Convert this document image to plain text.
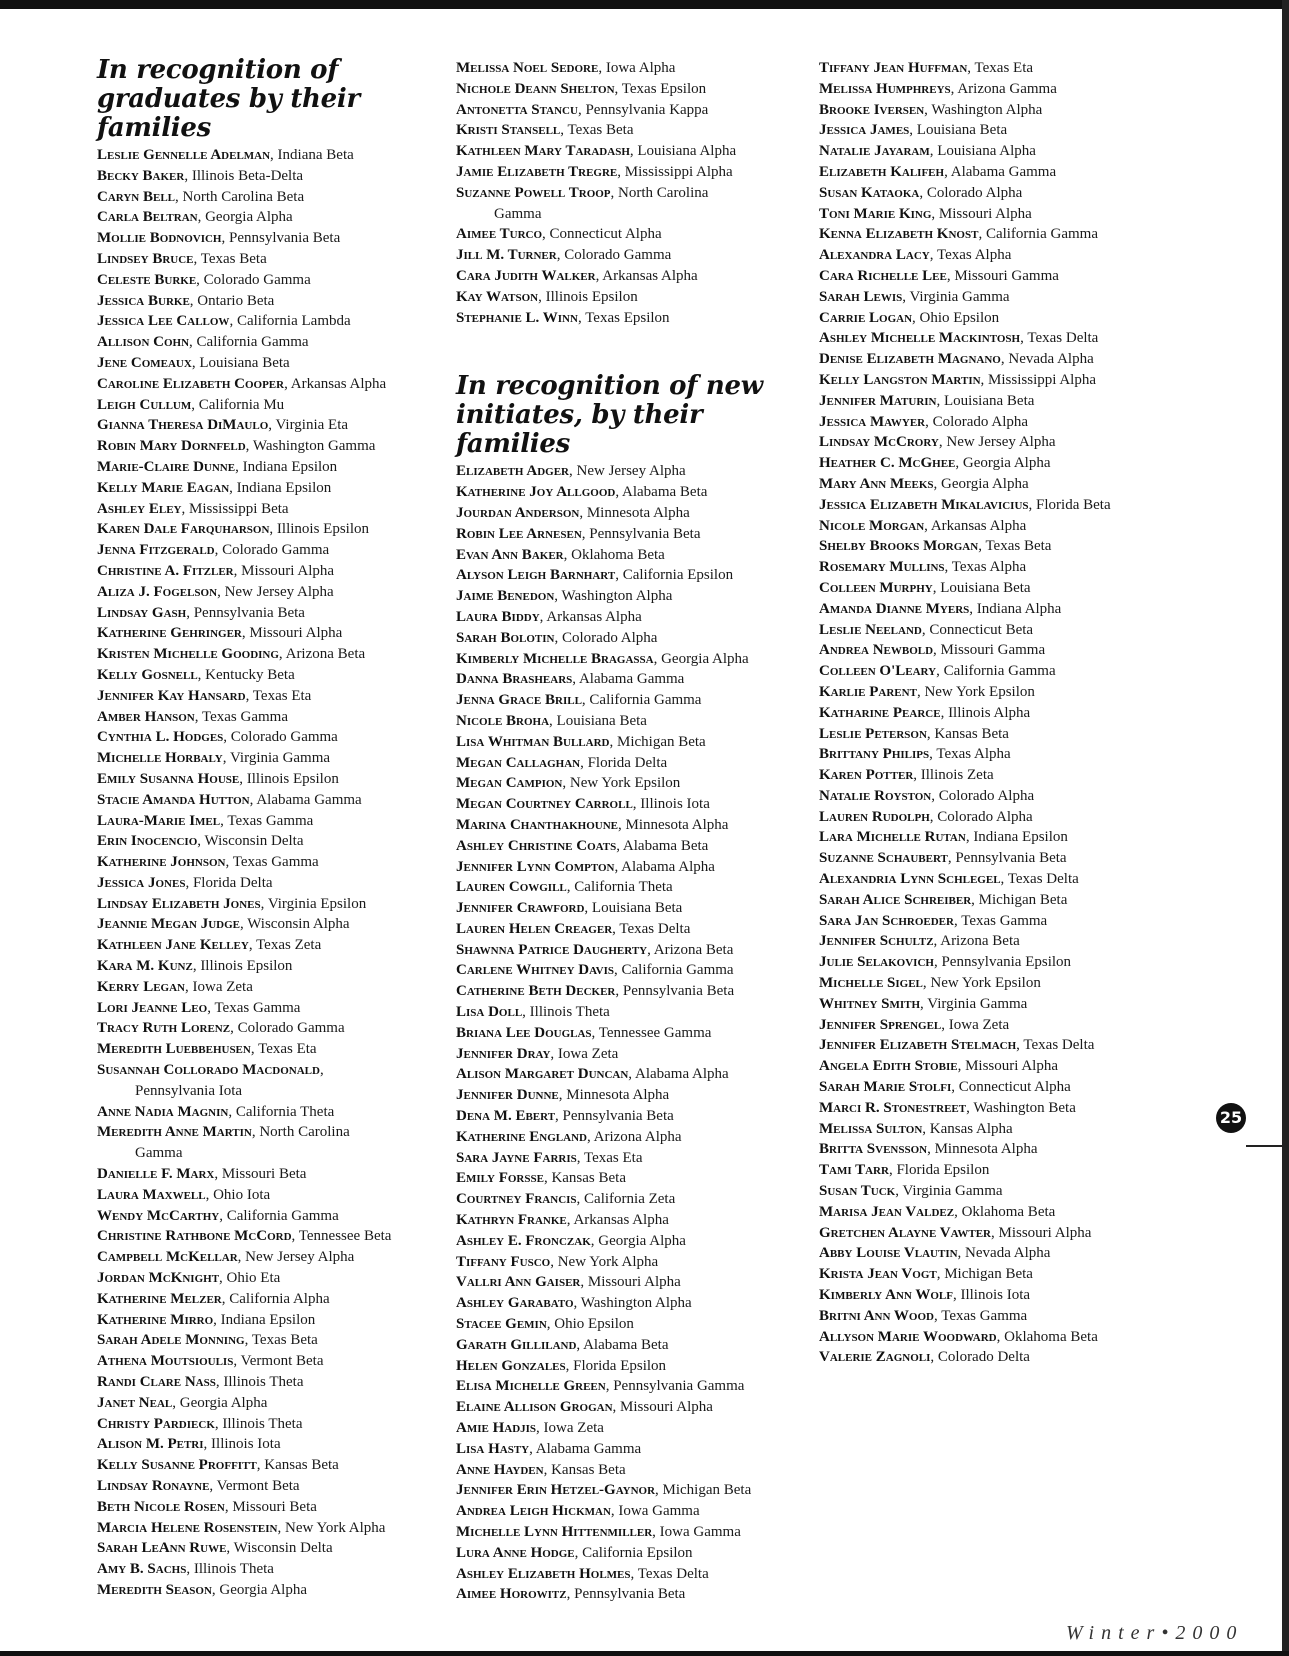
In recognition of
graduates by their families
Leslie Gennelle Adelman, Indiana Beta
Becky Baker, Illinois Beta-Delta
Caryn Bell, North Carolina Beta
Carla Beltran, Georgia Alpha
Mollie Bodnovich, Pennsylvania Beta
Lindsey Bruce, Texas Beta
Celeste Burke, Colorado Gamma
Jessica Burke, Ontario Beta
Jessica Lee Callow, California Lambda
Allison Cohn, California Gamma
Jene Comeaux, Louisiana Beta
Caroline Elizabeth Cooper, Arkansas Alpha
Leigh Cullum, California Mu
Gianna Theresa DiMaulo, Virginia Eta
Robin Mary Dornfeld, Washington Gamma
Marie-Claire Dunne, Indiana Epsilon
Kelly Marie Eagan, Indiana Epsilon
Ashley Eley, Mississippi Beta
Karen Dale Farquharson, Illinois Epsilon
Jenna Fitzgerald, Colorado Gamma
Christine A. Fitzler, Missouri Alpha
Aliza J. Fogelson, New Jersey Alpha
Lindsay Gash, Pennsylvania Beta
Katherine Gehringer, Missouri Alpha
Kristen Michelle Gooding, Arizona Beta
Kelly Gosnell, Kentucky Beta
Jennifer Kay Hansard, Texas Eta
Amber Hanson, Texas Gamma
Cynthia L. Hodges, Colorado Gamma
Michelle Horbaly, Virginia Gamma
Emily Susanna House, Illinois Epsilon
Stacie Amanda Hutton, Alabama Gamma
Laura-Marie Imel, Texas Gamma
Erin Inocencio, Wisconsin Delta
Katherine Johnson, Texas Gamma
Jessica Jones, Florida Delta
Lindsay Elizabeth Jones, Virginia Epsilon
Jeannie Megan Judge, Wisconsin Alpha
Kathleen Jane Kelley, Texas Zeta
Kara M. Kunz, Illinois Epsilon
Kerry Legan, Iowa Zeta
Lori Jeanne Leo, Texas Gamma
Tracy Ruth Lorenz, Colorado Gamma
Meredith Luebbehusen, Texas Eta
Susannah Collorado Macdonald,
Pennsylvania Iota
Anne Nadia Magnin, California Theta
Meredith Anne Martin, North Carolina
Gamma
Danielle F. Marx, Missouri Beta
Laura Maxwell, Ohio Iota
Wendy McCarthy, California Gamma
Christine Rathbone McCord, Tennessee Beta
Campbell McKellar, New Jersey Alpha
Jordan McKnight, Ohio Eta
Katherine Melzer, California Alpha
Katherine Mirro, Indiana Epsilon
Sarah Adele Monning, Texas Beta
Athena Moutsioulis, Vermont Beta
Randi Clare Nass, Illinois Theta
Janet Neal, Georgia Alpha
Christy Pardieck, Illinois Theta
Alison M. Petri, Illinois Iota
Kelly Susanne Proffitt, Kansas Beta
Lindsay Ronayne, Vermont Beta
Beth Nicole Rosen, Missouri Beta
Marcia Helene Rosenstein, New York Alpha
Sarah LeAnn Ruwe, Wisconsin Delta
Amy B. Sachs, Illinois Theta
Meredith Season, Georgia Alpha
Melissa Noel Sedore, Iowa Alpha
Nichole Deann Shelton, Texas Epsilon
Antonetta Stancu, Pennsylvania Kappa
Kristi Stansell, Texas Beta
Kathleen Mary Taradash, Louisiana Alpha
Jamie Elizabeth Tregre, Mississippi Alpha
Suzanne Powell Troop, North Carolina
Gamma
Aimee Turco, Connecticut Alpha
Jill M. Turner, Colorado Gamma
Cara Judith Walker, Arkansas Alpha
Kay Watson, Illinois Epsilon
Stephanie L. Winn, Texas Epsilon
In recognition of new
initiates, by their families
Elizabeth Adger, New Jersey Alpha
Katherine Joy Allgood, Alabama Beta
Jourdan Anderson, Minnesota Alpha
Robin Lee Arnesen, Pennsylvania Beta
Evan Ann Baker, Oklahoma Beta
Alyson Leigh Barnhart, California Epsilon
Jaime Benedon, Washington Alpha
Laura Biddy, Arkansas Alpha
Sarah Bolotin, Colorado Alpha
Kimberly Michelle Bragassa, Georgia Alpha
Danna Brashears, Alabama Gamma
Jenna Grace Brill, California Gamma
Nicole Broha, Louisiana Beta
Lisa Whitman Bullard, Michigan Beta
Megan Callaghan, Florida Delta
Megan Campion, New York Epsilon
Megan Courtney Carroll, Illinois Iota
Marina Chanthakhoune, Minnesota Alpha
Ashley Christine Coats, Alabama Beta
Jennifer Lynn Compton, Alabama Alpha
Lauren Cowgill, California Theta
Jennifer Crawford, Louisiana Beta
Lauren Helen Creager, Texas Delta
Shawnna Patrice Daugherty, Arizona Beta
Carlene Whitney Davis, California Gamma
Catherine Beth Decker, Pennsylvania Beta
Lisa Doll, Illinois Theta
Briana Lee Douglas, Tennessee Gamma
Jennifer Dray, Iowa Zeta
Alison Margaret Duncan, Alabama Alpha
Jennifer Dunne, Minnesota Alpha
Dena M. Ebert, Pennsylvania Beta
Katherine England, Arizona Alpha
Sara Jayne Farris, Texas Eta
Emily Forsse, Kansas Beta
Courtney Francis, California Zeta
Kathryn Franke, Arkansas Alpha
Ashley E. Fronczak, Georgia Alpha
Tiffany Fusco, New York Alpha
Vallri Ann Gaiser, Missouri Alpha
Ashley Garabato, Washington Alpha
Stacee Gemin, Ohio Epsilon
Garath Gilliland, Alabama Beta
Helen Gonzales, Florida Epsilon
Elisa Michelle Green, Pennsylvania Gamma
Elaine Allison Grogan, Missouri Alpha
Amie Hadjis, Iowa Zeta
Lisa Hasty, Alabama Gamma
Anne Hayden, Kansas Beta
Jennifer Erin Hetzel-Gaynor, Michigan Beta
Andrea Leigh Hickman, Iowa Gamma
Michelle Lynn Hittenmiller, Iowa Gamma
Lura Anne Hodge, California Epsilon
Ashley Elizabeth Holmes, Texas Delta
Aimee Horowitz, Pennsylvania Beta
Tiffany Jean Huffman, Texas Eta
Melissa Humphreys, Arizona Gamma
Brooke Iversen, Washington Alpha
Jessica James, Louisiana Beta
Natalie Jayaram, Louisiana Alpha
Elizabeth Kalifeh, Alabama Gamma
Susan Kataoka, Colorado Alpha
Toni Marie King, Missouri Alpha
Kenna Elizabeth Knost, California Gamma
Alexandra Lacy, Texas Alpha
Cara Richelle Lee, Missouri Gamma
Sarah Lewis, Virginia Gamma
Carrie Logan, Ohio Epsilon
Ashley Michelle Mackintosh, Texas Delta
Denise Elizabeth Magnano, Nevada Alpha
Kelly Langston Martin, Mississippi Alpha
Jennifer Maturin, Louisiana Beta
Jessica Mawyer, Colorado Alpha
Lindsay McCrory, New Jersey Alpha
Heather C. McGhee, Georgia Alpha
Mary Ann Meeks, Georgia Alpha
Jessica Elizabeth Mikalavicius, Florida Beta
Nicole Morgan, Arkansas Alpha
Shelby Brooks Morgan, Texas Beta
Rosemary Mullins, Texas Alpha
Colleen Murphy, Louisiana Beta
Amanda Dianne Myers, Indiana Alpha
Leslie Neeland, Connecticut Beta
Andrea Newbold, Missouri Gamma
Colleen O'Leary, California Gamma
Karlie Parent, New York Epsilon
Katharine Pearce, Illinois Alpha
Leslie Peterson, Kansas Beta
Brittany Philips, Texas Alpha
Karen Potter, Illinois Zeta
Natalie Royston, Colorado Alpha
Lauren Rudolph, Colorado Alpha
Lara Michelle Rutan, Indiana Epsilon
Suzanne Schaubert, Pennsylvania Beta
Alexandria Lynn Schlegel, Texas Delta
Sarah Alice Schreiber, Michigan Beta
Sara Jan Schroeder, Texas Gamma
Jennifer Schultz, Arizona Beta
Julie Selakovich, Pennsylvania Epsilon
Michelle Sigel, New York Epsilon
Whitney Smith, Virginia Gamma
Jennifer Sprengel, Iowa Zeta
Jennifer Elizabeth Stelmach, Texas Delta
Angela Edith Stobie, Missouri Alpha
Sarah Marie Stolfi, Connecticut Alpha
Marci R. Stonestreet, Washington Beta
Melissa Sulton, Kansas Alpha
Britta Svensson, Minnesota Alpha
Tami Tarr, Florida Epsilon
Susan Tuck, Virginia Gamma
Marisa Jean Valdez, Oklahoma Beta
Gretchen Alayne Vawter, Missouri Alpha
Abby Louise Vlautin, Nevada Alpha
Krista Jean Vogt, Michigan Beta
Kimberly Ann Wolf, Illinois Iota
Britni Ann Wood, Texas Gamma
Allyson Marie Woodward, Oklahoma Beta
Valerie Zagnoli, Colorado Delta
25
Winter•2000
